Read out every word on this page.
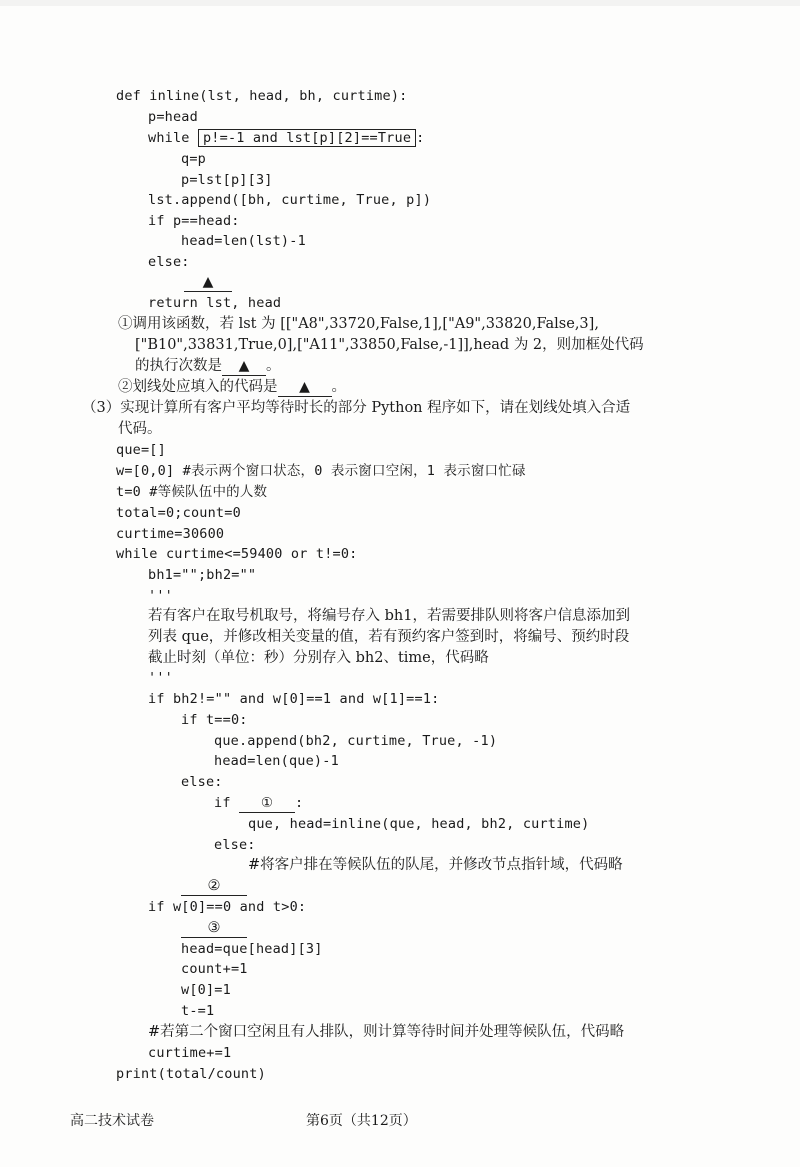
def inline(lst, head, bh, curtime):
p=head
while p!=-1 and lst[p][2]==True :
q=p
p=lst[p][3]
lst.append([bh, curtime, True, p])
if p==head:
head=len(lst)-1
else:
▲
return lst, head
①调用该函数，若 lst 为 [["A8",33720,False,1],["A9",33820,False,3],
["B10",33831,True,0],["A11",33850,False,-1]],head 为 2，则加框处代码
的执行次数是 ▲ 。
②划线处应填入的代码是 ▲ 。
（3）实现计算所有客户平均等待时长的部分 Python 程序如下，请在划线处填入合适
代码。
que=[]
w=[0,0] #表示两个窗口状态，0 表示窗口空闲，1 表示窗口忙碌
t=0 #等候队伍中的人数
total=0;count=0
curtime=30600
while curtime<=59400 or t!=0:
bh1="";bh2=""
'''
若有客户在取号机取号，将编号存入 bh1，若需要排队则将客户信息添加到
列表 que，并修改相关变量的值，若有预约客户签到时，将编号、预约时段
截止时刻（单位：秒）分别存入 bh2、time，代码略
'''
if bh2!="" and w[0]==1 and w[1]==1:
if t==0:
que.append(bh2, curtime, True, -1)
head=len(que)-1
else:
if ① :
que, head=inline(que, head, bh2, curtime)
else:
#将客户排在等候队伍的队尾，并修改节点指针域，代码略
②
if w[0]==0 and t>0:
③
head=que[head][3]
count+=1
w[0]=1
t-=1
#若第二个窗口空闲且有人排队，则计算等待时间并处理等候队伍，代码略
curtime+=1
print(total/count)
高二技术试卷	第6页（共12页）
